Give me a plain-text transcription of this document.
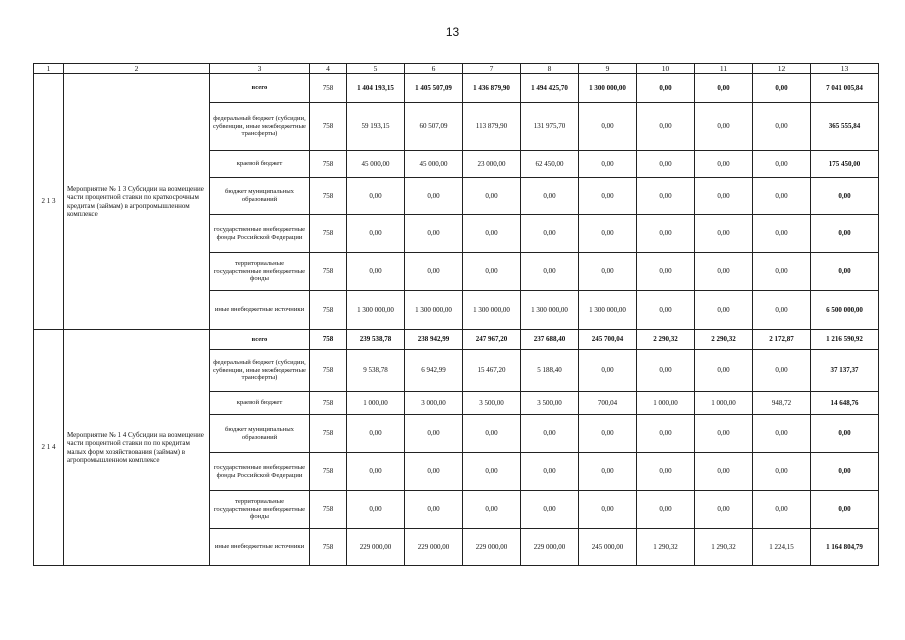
13
1	2	3	4	5	6	7	8	9	10	11	12	13
2 1 3	Мероприятие № 1 3 Субсидии на возмещение части процентной ставки по краткосрочным кредитам (займам) в агропромышленном комплексе	всего	758	1 404 193,15	1 405 507,09	1 436 879,90	1 494 425,70	1 300 000,00	0,00	0,00	0,00	7 041 005,84
		федеральный бюджет (субсидии, субвенции, иные межбюджетные трансферты)	758	59 193,15	60 507,09	113 879,90	131 975,70	0,00	0,00	0,00	0,00	365 555,84
		краевой бюджет	758	45 000,00	45 000,00	23 000,00	62 450,00	0,00	0,00	0,00	0,00	175 450,00
		бюджет муниципальных образований	758	0,00	0,00	0,00	0,00	0,00	0,00	0,00	0,00	0,00
		государственные внебюджетные фонды Российской Федерации	758	0,00	0,00	0,00	0,00	0,00	0,00	0,00	0,00	0,00
		территориальные государственные внебюджетные фонды	758	0,00	0,00	0,00	0,00	0,00	0,00	0,00	0,00	0,00
		иные внебюджетные источники	758	1 300 000,00	1 300 000,00	1 300 000,00	1 300 000,00	1 300 000,00	0,00	0,00	0,00	6 500 000,00
2 1 4	Мероприятие № 1 4 Субсидии на возмещение части процентной ставки по по кредитам малых форм хозяйствования (займам) в агропромышленном комплексе	всего	758	239 538,78	238 942,99	247 967,20	237 688,40	245 700,04	2 290,32	2 290,32	2 172,87	1 216 590,92
		федеральный бюджет (субсидии, субвенции, иные межбюджетные трансферты)	758	9 538,78	6 942,99	15 467,20	5 188,40	0,00	0,00	0,00	0,00	37 137,37
		краевой бюджет	758	1 000,00	3 000,00	3 500,00	3 500,00	700,04	1 000,00	1 000,00	948,72	14 648,76
		бюджет муниципальных образований	758	0,00	0,00	0,00	0,00	0,00	0,00	0,00	0,00	0,00
		государственные внебюджетные фонды Российской Федерации	758	0,00	0,00	0,00	0,00	0,00	0,00	0,00	0,00	0,00
		территориальные государственные внебюджетные фонды	758	0,00	0,00	0,00	0,00	0,00	0,00	0,00	0,00	0,00
		иные внебюджетные источники	758	229 000,00	229 000,00	229 000,00	229 000,00	245 000,00	1 290,32	1 290,32	1 224,15	1 164 804,79
